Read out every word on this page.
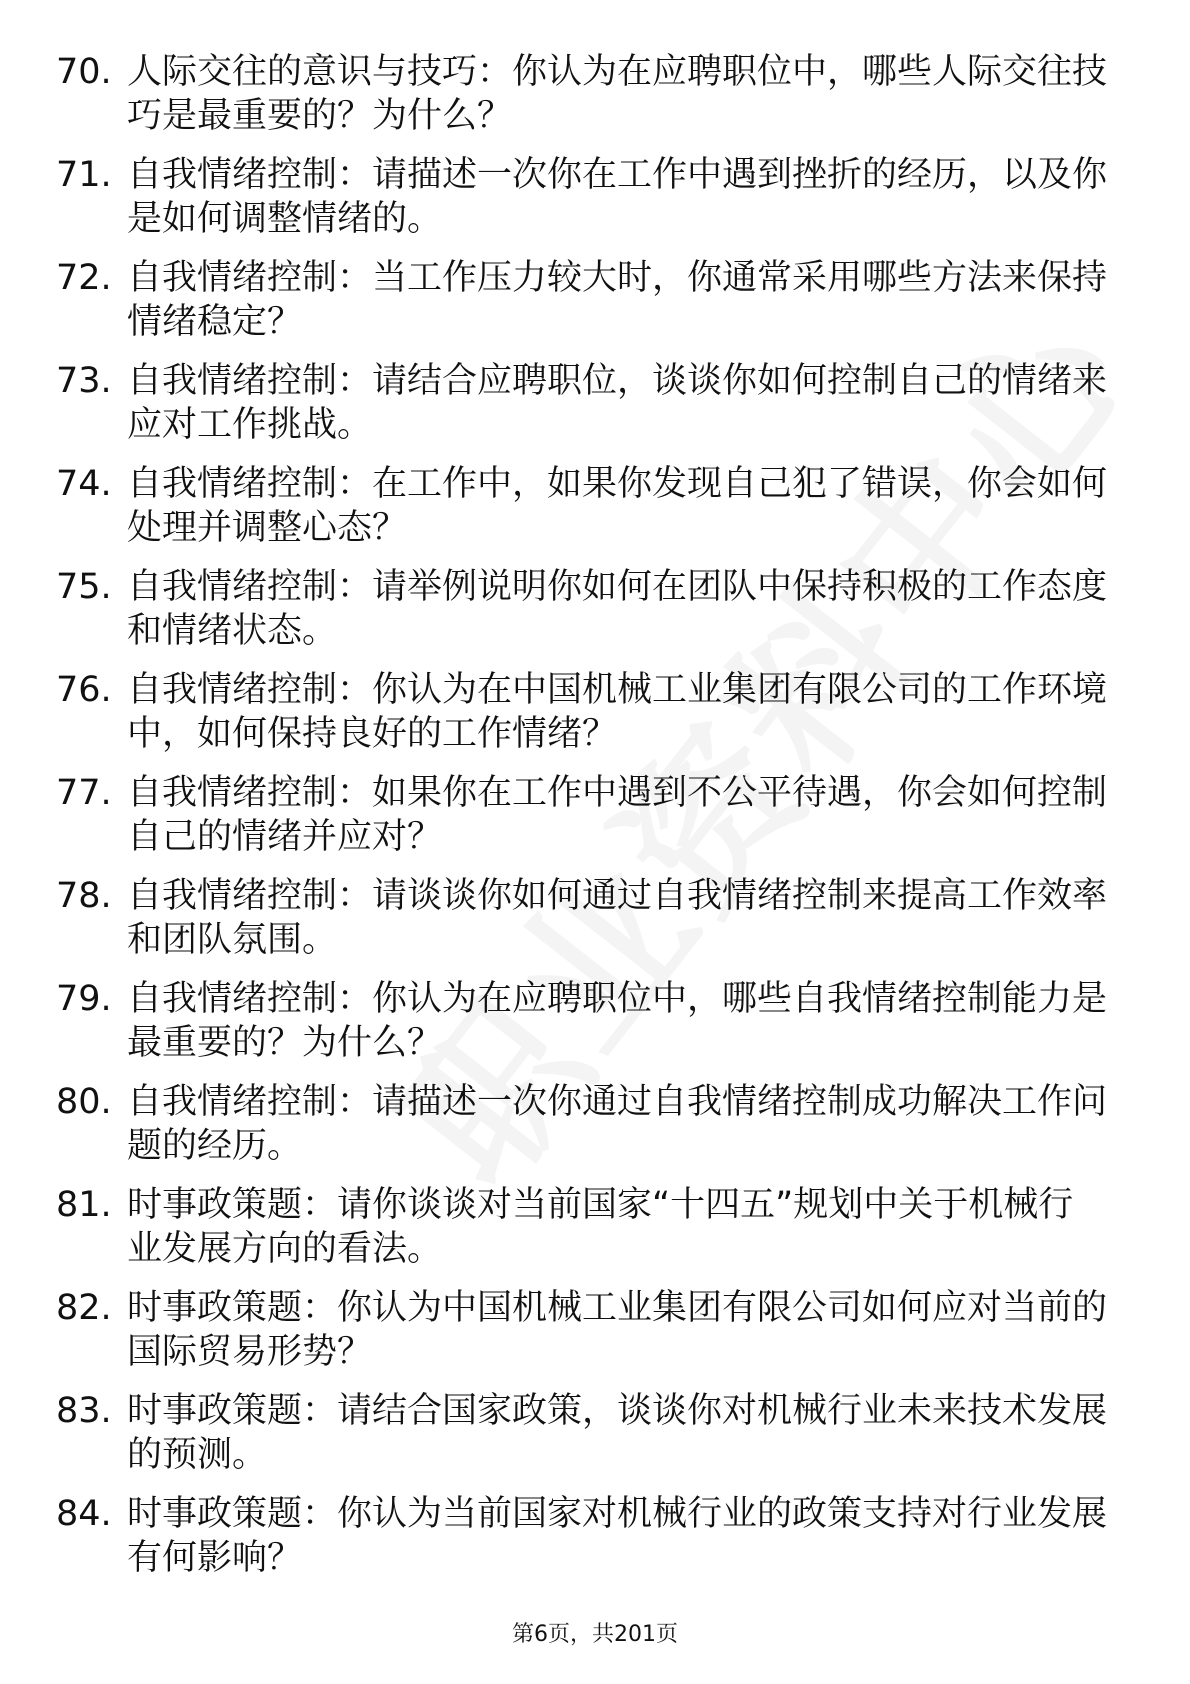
70. 人际交往的意识与技巧：你认为在应聘职位中，哪些人际交往技巧是最重要的？为什么？
71. 自我情绪控制：请描述一次你在工作中遇到挫折的经历，以及你是如何调整情绪的。
72. 自我情绪控制：当工作压力较大时，你通常采用哪些方法来保持情绪稳定？
73. 自我情绪控制：请结合应聘职位，谈谈你如何控制自己的情绪来应对工作挑战。
74. 自我情绪控制：在工作中，如果你发现自己犯了错误，你会如何处理并调整心态？
75. 自我情绪控制：请举例说明你如何在团队中保持积极的工作态度和情绪状态。
76. 自我情绪控制：你认为在中国机械工业集团有限公司的工作环境中，如何保持良好的工作情绪？
77. 自我情绪控制：如果你在工作中遇到不公平待遇，你会如何控制自己的情绪并应对？
78. 自我情绪控制：请谈谈你如何通过自我情绪控制来提高工作效率和团队氛围。
79. 自我情绪控制：你认为在应聘职位中，哪些自我情绪控制能力是最重要的？为什么？
80. 自我情绪控制：请描述一次你通过自我情绪控制成功解决工作问题的经历。
81. 时事政策题：请你谈谈对当前国家“十四五”规划中关于机械行业发展方向的看法。
82. 时事政策题：你认为中国机械工业集团有限公司如何应对当前的国际贸易形势？
83. 时事政策题：请结合国家政策，谈谈你对机械行业未来技术发展的预测。
84. 时事政策题：你认为当前国家对机械行业的政策支持对行业发展有何影响？
第6页，共201页
